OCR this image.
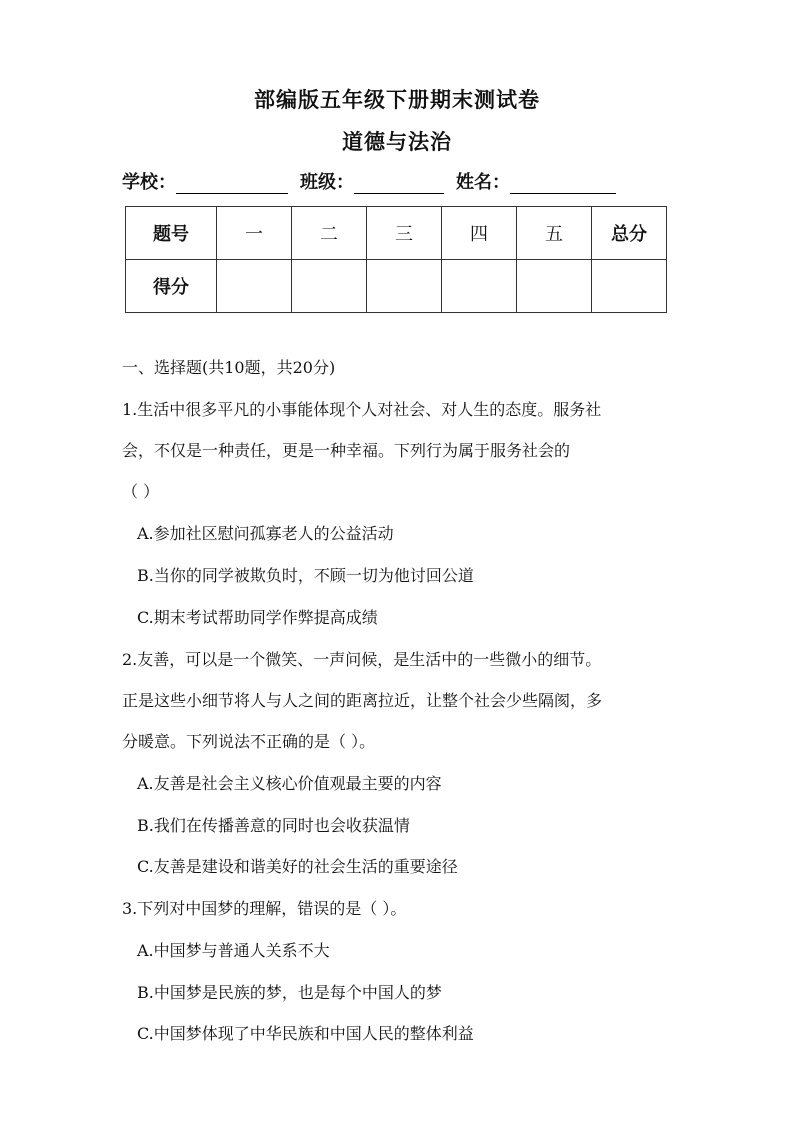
部编版五年级下册期末测试卷
道德与法治
学校：	班级：	姓名：
题号	一	二	三	四	五	总分
得分						
一、选择题(共10题，共20分)
1.生活中很多平凡的小事能体现个人对社会、对人生的态度。服务社
会，不仅是一种责任，更是一种幸福。下列行为属于服务社会的
（ ）
A.参加社区慰问孤寡老人的公益活动
B.当你的同学被欺负时，不顾一切为他讨回公道
C.期末考试帮助同学作弊提高成绩
2.友善，可以是一个微笑、一声问候，是生活中的一些微小的细节。
正是这些小细节将人与人之间的距离拉近，让整个社会少些隔阂，多
分暖意。下列说法不正确的是（ ）。
A.友善是社会主义核心价值观最主要的内容
B.我们在传播善意的同时也会收获温情
C.友善是建设和谐美好的社会生活的重要途径
3.下列对中国梦的理解，错误的是（ ）。
A.中国梦与普通人关系不大
B.中国梦是民族的梦，也是每个中国人的梦
C.中国梦体现了中华民族和中国人民的整体利益
